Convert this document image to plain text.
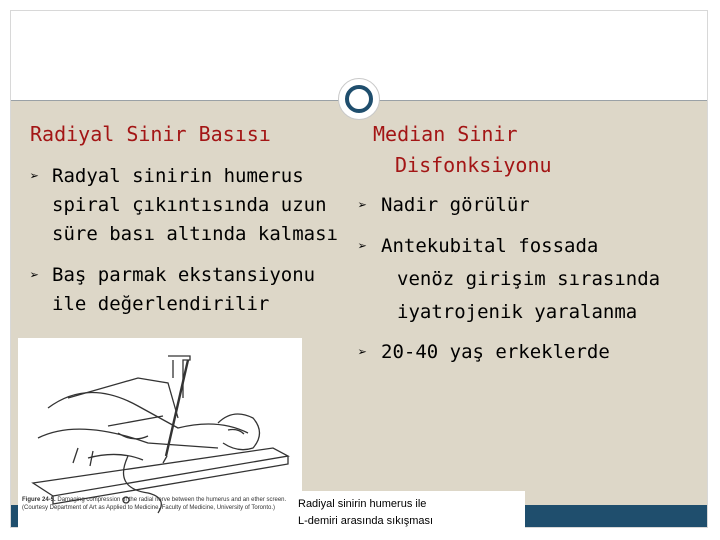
Radiyal Sinir Basısı
➢ Radyal sinirin humerus
spiral çıkıntısında uzun
süre bası altında kalması
➢ Baş parmak ekstansiyonu
ile değerlendirilir
Median Sinir
Disfonksiyonu
➢ Nadir görülür
➢ Antekubital fossada
venöz girişim sırasında
iyatrojenik yaralanma
➢ 20-40 yaş erkeklerde
Figure 24-5. Damaging compression of the radial nerve between the humerus and an ether screen. (Courtesy Department of Art as Applied to Medicine, Faculty of Medicine, University of Toronto.)	Radiyal sinirin humerus ile
L-demiri arasında sıkışması
